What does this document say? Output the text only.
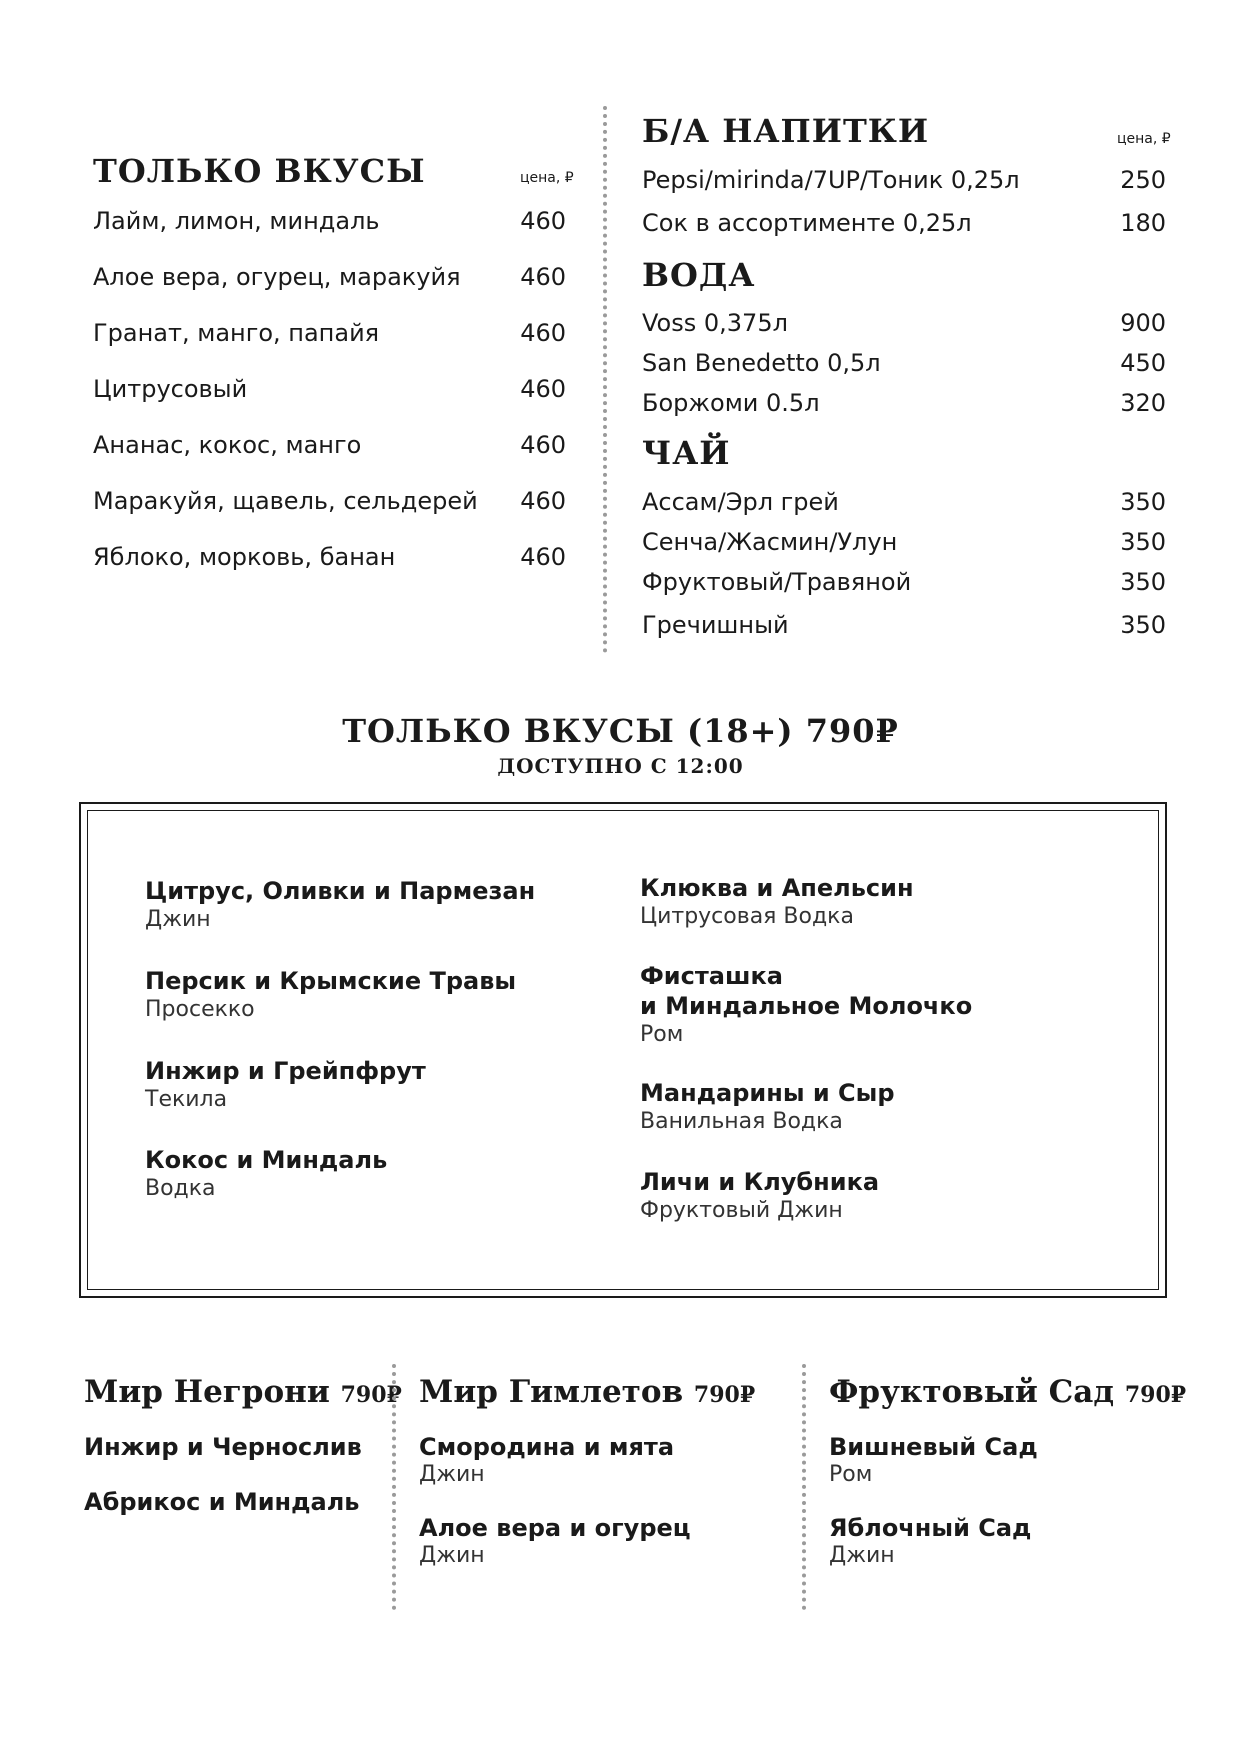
ТОЛЬКО ВКУСЫ	цена, ₽
Лайм, лимон, миндаль	460
Алое вера, огурец, маракуйя 460
Гранат, манго, папайя	460
Цитрусовый	460
Ананас, кокос, манго	460
Маракуйя, щавель, сельдерей 460
Яблоко, морковь, банан	460
Б/А НАПИТКИ	цена, ₽
Pepsi/mirinda/7UP/Тоник 0,25л	250
Сок в ассортименте 0,25л	180
ВОДА
Voss 0,375л	900
San Benedetto 0,5л	450
Боржоми 0.5л	320
ЧАЙ
Ассам/Эрл грей	350
Сенча/Жасмин/Улун	350
Фруктовый/Травяной	350
Гречишный	350
ТОЛЬКО ВКУСЫ (18+) 790₽
ДОСТУПНО С 12:00
Цитрус, Оливки и Пармезан
Джин
Персик и Крымские Травы
Просекко
Инжир и Грейпфрут
Текила
Кокос и Миндаль
Водка
Клюква и Апельсин
Цитрусовая Водка
Фисташка
и Миндальное Молочко
Ром
Мандарины и Сыр
Ванильная Водка
Личи и Клубника
Фруктовый Джин
Мир Негрони 790₽
Инжир и Чернослив
Абрикос и Миндаль
Мир Гимлетов 790₽
Смородина и мята
Джин
Алое вера и огурец
Джин
Фруктовый Сад 790₽
Вишневый Сад
Ром
Яблочный Сад
Джин
